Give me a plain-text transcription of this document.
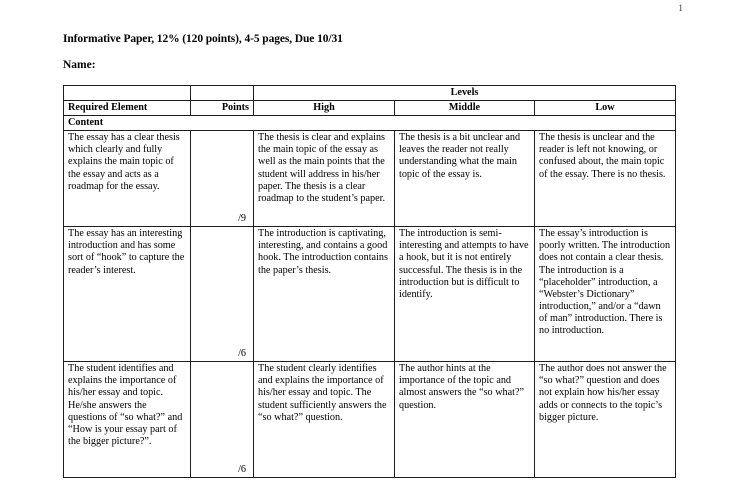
1
Informative Paper, 12% (120 points), 4-5 pages, Due 10/31
Name:
		Levels		
Required Element	Points	High	Middle	Low
Content				

The essay has a clear thesis which clearly and fully explains the main topic of the essay and acts as a roadmap for the essay.	/9	The thesis is clear and explains the main topic of the essay as well as the main points that the student will address in his/her paper. The thesis is a clear roadmap to the student’s paper.	The thesis is a bit unclear and leaves the reader not really understanding what the main topic of the essay is.	The thesis is unclear and the reader is left not knowing, or confused about, the main topic of the essay. There is no thesis.

The essay has an interesting introduction and has some sort of “hook” to capture the reader’s interest.	/6	The introduction is captivating, interesting, and contains a good hook. The introduction contains the paper’s thesis.	The introduction is semi-interesting and attempts to have a hook, but it is not entirely successful. The thesis is in the introduction but is difficult to identify.	The essay’s introduction is poorly written. The introduction does not contain a clear thesis. The introduction is a “placeholder” introduction, a “Webster’s Dictionary” introduction,” and/or a “dawn of man” introduction. There is no introduction.

The student identifies and explains the importance of his/her essay and topic. He/she answers the questions of “so what?” and “How is your essay part of the bigger picture?”.	/6	The student clearly identifies and explains the importance of his/her essay and topic. The student sufficiently answers the “so what?” question.	The author hints at the importance of the topic and almost answers the “so what?” question.	The author does not answer the “so what?” question and does not explain how his/her essay adds or connects to the topic’s bigger picture.
